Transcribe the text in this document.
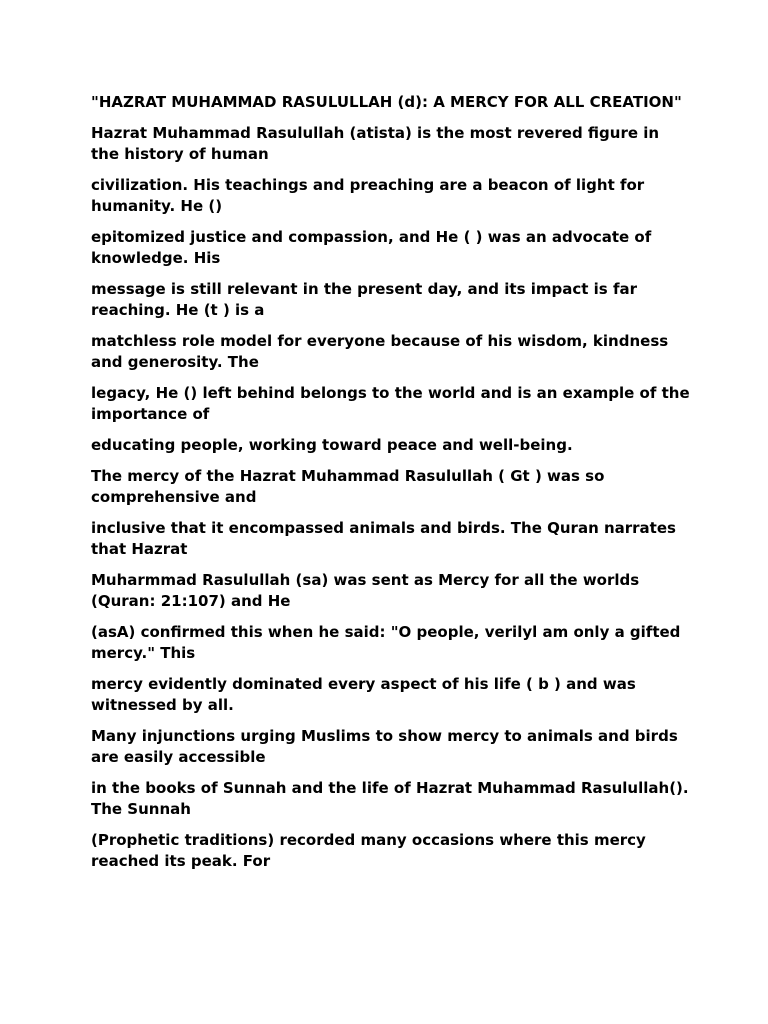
"HAZRAT MUHAMMAD RASULULLAH (d): A MERCY FOR ALL CREATION"

Hazrat Muhammad Rasulullah (atista) is the most revered figure in the history of human

civilization. His teachings and preaching are a beacon of light for humanity. He ()

epitomized justice and compassion, and He ( ) was an advocate of knowledge. His

message is still relevant in the present day, and its impact is far reaching. He (t ) is a

matchless role model for everyone because of his wisdom, kindness and generosity. The

legacy, He () left behind belongs to the world and is an example of the importance of

educating people, working toward peace and well-being.

The mercy of the Hazrat Muhammad Rasulullah ( Gt ) was so comprehensive and

inclusive that it encompassed animals and birds. The Quran narrates that Hazrat

Muharmmad Rasulullah (sa) was sent as Mercy for all the worlds (Quran: 21:107) and He

(asA) confirmed this when he said: "O people, verilyl am only a gifted mercy." This

mercy evidently dominated every aspect of his life ( b ) and was witnessed by all.

Many injunctions urging Muslims to show mercy to animals and birds are easily accessible

in the books of Sunnah and the life of Hazrat Muhammad Rasulullah(). The Sunnah

(Prophetic traditions) recorded many occasions where this mercy reached its peak. For
